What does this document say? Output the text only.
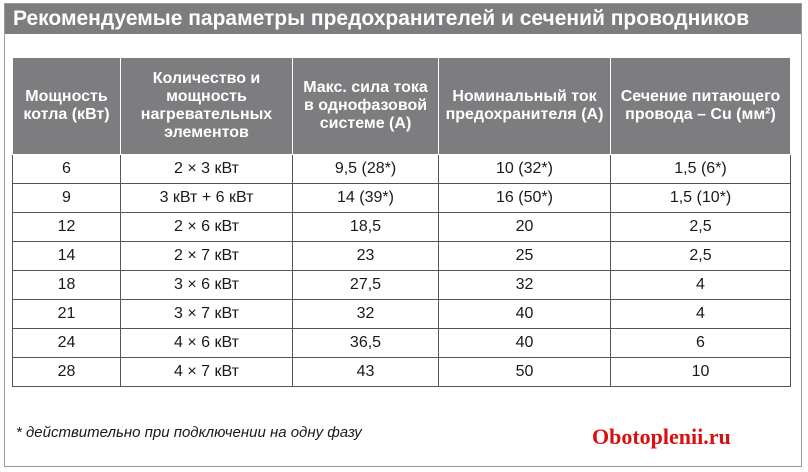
Рекомендуемые параметры предохранителей и сечений проводников
Мощность котла (кВт)	Количество и мощность нагревательных элементов	Макс. сила тока в однофазовой системе (А)	Номинальный ток предохранителя (А)	Сечение питающего провода – Cu (мм²)
6	2 × 3 кВт	9,5 (28*)	10 (32*)	1,5 (6*)
9	3 кВт + 6 кВт	14 (39*)	16 (50*)	1,5 (10*)
12	2 × 6 кВт	18,5	20	2,5
14	2 × 7 кВт	23	25	2,5
18	3 × 6 кВт	27,5	32	4
21	3 × 7 кВт	32	40	4
24	4 × 6 кВт	36,5	40	6
28	4 × 7 кВт	43	50	10
* действительно при подключении на одну фазу	Obotoplenii.ru
